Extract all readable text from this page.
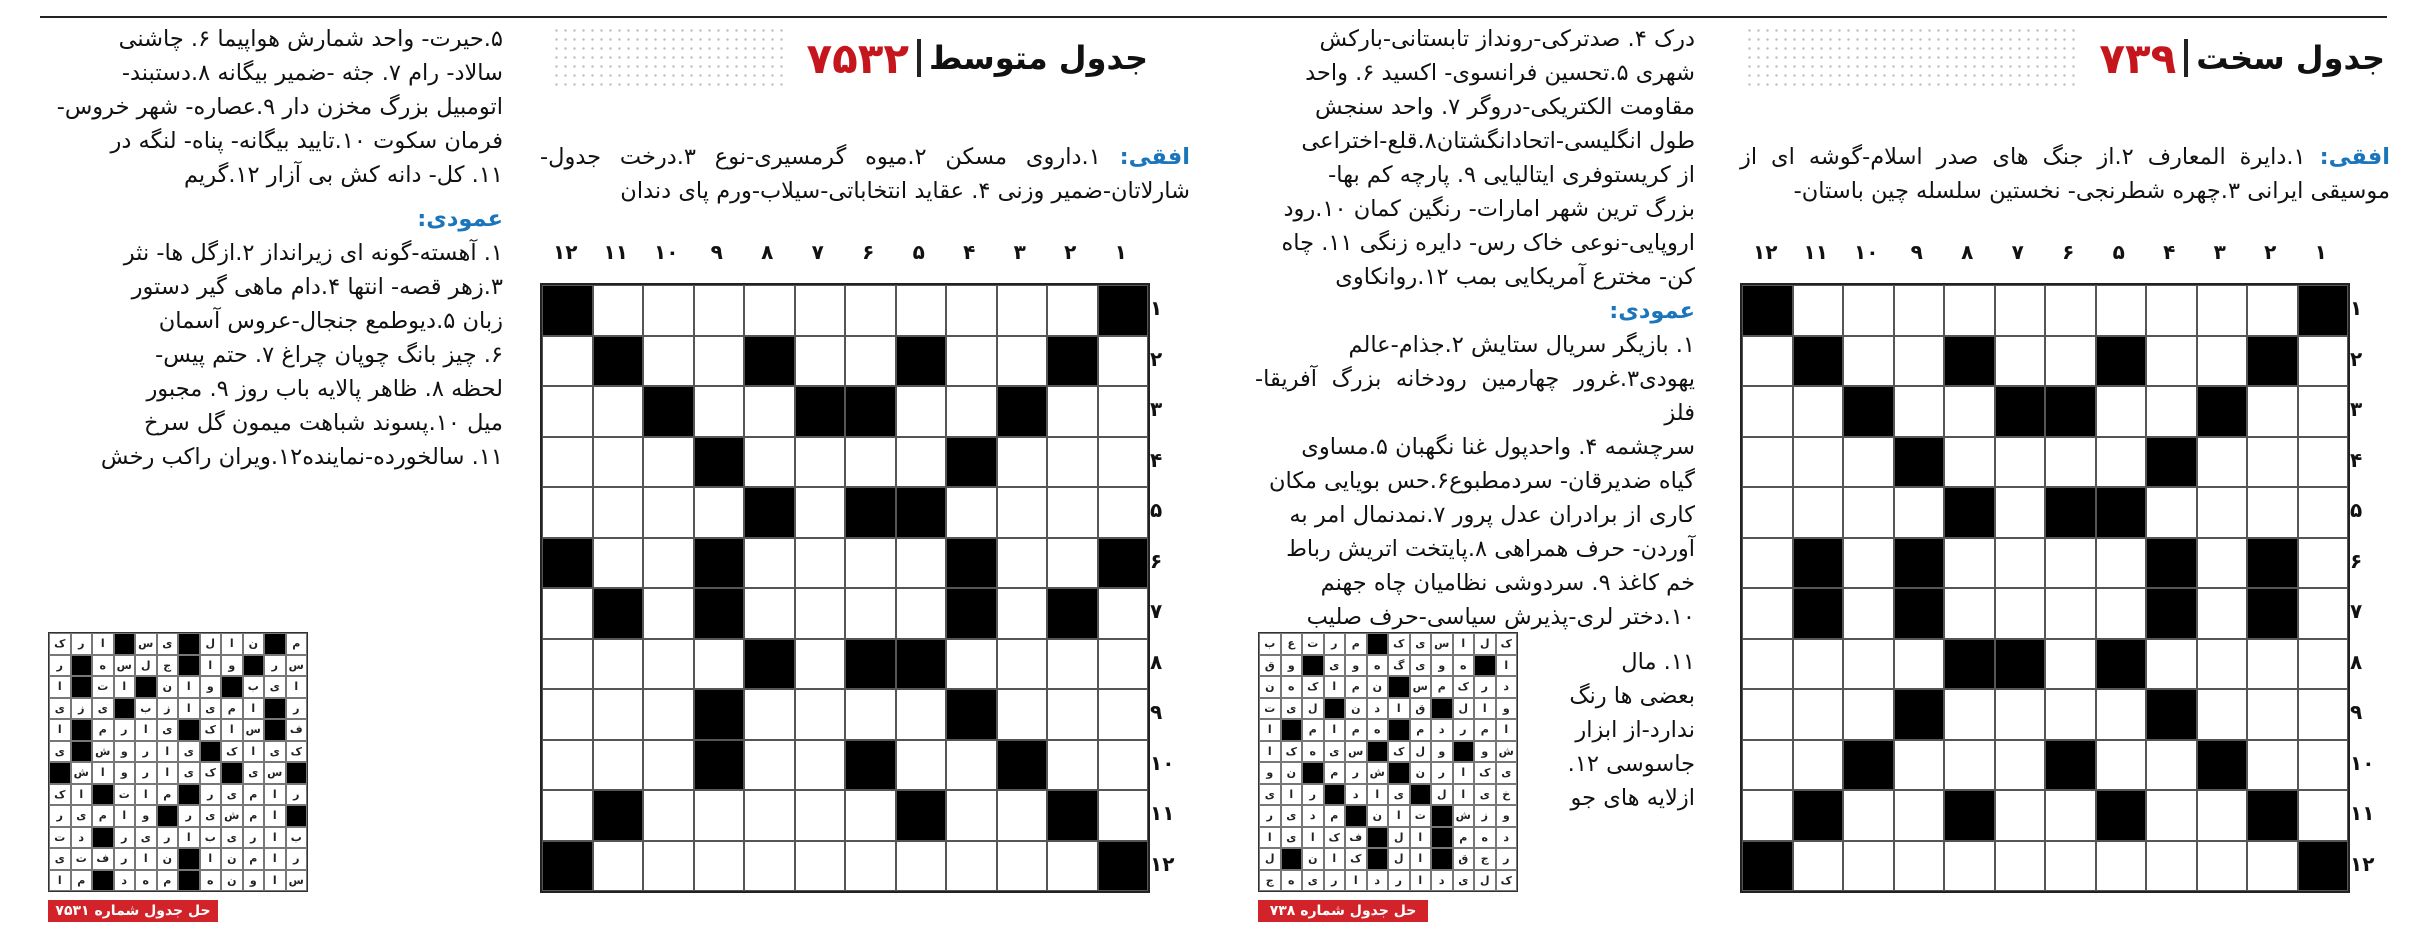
جدول سخت
۷۳۹
افقی: ۱.دایرة المعارف ۲.از جنگ های صدر اسلام-گوشه ای از موسیقی ایرانی ۳.چهره شطرنجی- نخستین سلسله چین باستان-
۱
۲
۳
۴
۵
۶
۷
۸
۹
۱۰
۱۱
۱۲
۱
۲
۳
۴
۵
۶
۷
۸
۹
۱۰
۱۱
۱۲
درک ۴. صدترکی-رونداز تابستانی-بارکش
شهری ۵.تحسین فرانسوی- اکسید ۶. واحد
مقاومت الکتریکی-دروگر ۷. واحد سنجش
طول انگلیسی-اتحادانگشتان۸.قلع-اختراعی
از کریستوفری ایتالیایی ۹. پارچه کم بها-
بزرگ ترین شهر امارات- رنگین کمان ۱۰.رود
اروپایی-نوعی خاک رس- دایره زنگی ۱۱. چاه
کن- مخترع آمریکایی بمب ۱۲.روانکاوی
عمودی:
۱. بازیگر سریال ستایش ۲.جذام-عالم
یهودی۳.غرور چهارمین رودخانه بزرگ آفریقا-فلز
سرچشمه ۴. واحدپول غنا نگهبان ۵.مساوی
گیاه ضدیرقان- سردمطبوع۶.حس بویایی مکان
کاری از برادران عدل پرور ۷.نمدنمال امر به
آوردن- حرف همراهی ۸.پایتخت اتریش رباط
خم کاغذ ۹. سردوشی نظامیان چاه جهنم
۱۰.دختر لری-پذیرش سیاسی-حرف صلیب
۱۱. مال
بعضی ها رنگ
ندارد-از ابزار
جاسوسی ۱۲.
ازلایه های جو
ک
ل
ا
س
ی
ک
م
ر
ت
ع
ب
ا
ه
و
ی
گ
ه
و
ی
و
ق
د
ر
ک
م
س
ن
م
ا
ک
ه
ن
و
ا
ل
ق
ا
د
ن
ل
ی
ت
ا
م
ر
د
م
ه
م
ا
م
ا
ش
و
و
ل
ک
س
ی
ه
ک
ا
ی
ک
ا
ر
ن
ش
ر
م
ن
و
خ
ی
ا
ل
ی
ا
د
ر
ا
ی
و
ز
ش
ت
ا
ن
م
د
ی
ر
د
ه
م
ا
ل
ف
ک
ا
ی
ا
ر
ج
ق
ا
ل
ک
ا
ن
ل
ک
ل
ی
د
ا
ر
د
ا
ر
ی
ه
ج
حل جدول شماره ۷۳۸
جدول متوسط
۷۵۳۲
افقی: ۱.داروی مسکن ۲.میوه گرمسیری-نوع ۳.درخت جدول- شارلاتان-ضمیر وزنی ۴. عقاید انتخاباتی-سیلاب-ورم پای دندان
۱
۲
۳
۴
۵
۶
۷
۸
۹
۱۰
۱۱
۱۲
۱
۲
۳
۴
۵
۶
۷
۸
۹
۱۰
۱۱
۱۲
۵.حیرت- واحد شمارش هواپیما ۶. چاشنی
سالاد- رام ۷. جثه -ضمیر بیگانه ۸.دستبند-
اتومبیل بزرگ مخزن دار ۹.عصاره- شهر خروس-
فرمان سکوت ۱۰.تایید بیگانه- پناه- لنگه در
۱۱. کل- دانه کش بی آزار ۱۲.گریم
عمودی:
۱. آهسته-گونه ای زیرانداز ۲.ازگل ها- نثر
۳.زهر قصه- انتها ۴.دام ماهی گیر دستور
زبان ۵.دیوطمع جنجال-عروس آسمان
۶. چیز بانگ چوپان چراغ ۷. حتم پیس-
لحظه ۸. ظاهر پالایه باب روز ۹. مجبور
میل ۱۰.پسوند شباهت میمون گل سرخ
۱۱. سالخورده-نماینده۱۲.ویران راکب رخش
م
ن
ا
ل
ی
س
ا
ر
ک
س
ر
و
ا
ج
ل
س
ه
ر
ا
ی
ب
و
ا
ن
ا
ت
ا
ر
ا
م
ی
ا
ز
ب
ی
ز
ی
ف
س
ا
ک
ی
ا
ر
م
ا
ک
ی
ا
ک
ی
ا
ر
و
ش
ی
س
ی
ک
ی
ا
ر
و
ا
ش
ر
ا
م
ی
ر
م
ا
ت
ا
ک
ا
م
ش
ی
ر
و
ا
م
ی
ر
ب
ا
ر
ی
ب
ا
ر
ی
ر
د
ت
ر
ا
م
ن
ا
ن
ا
ر
ف
ت
ی
س
ا
و
ن
ه
م
ه
د
م
ا
حل جدول شماره ۷۵۳۱
